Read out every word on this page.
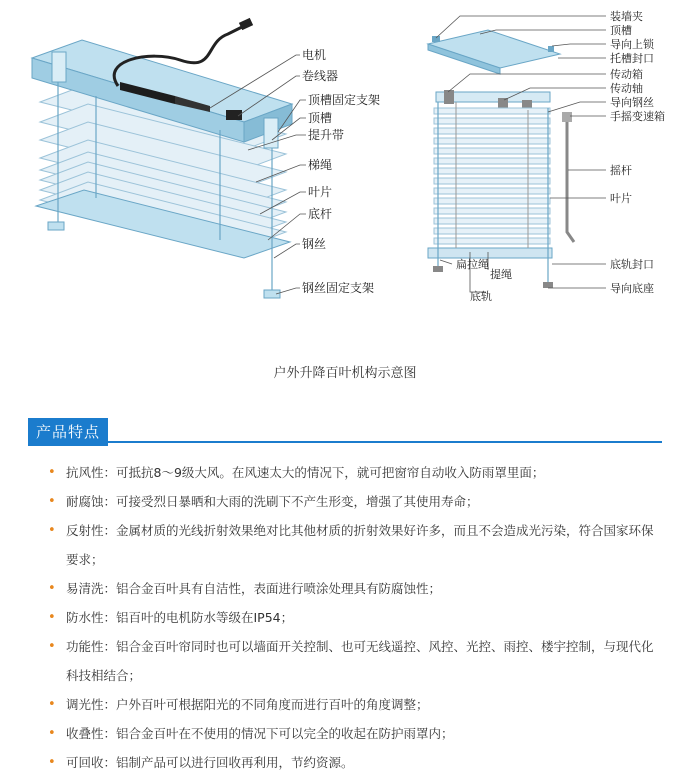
电机
卷线器
顶槽固定支架
顶槽
提升带
梯绳
叶片
底杆
钢丝
钢丝固定支架
装墙夹
顶槽
导向上锁
托槽封口
传动箱
传动轴
导向钢丝
手摇变速箱
摇杆
叶片
底轨封口
导向底座
扁拉绳
提绳
底轨
户外升降百叶机构示意图
产品特点
• 抗风性：可抵抗8～9级大风。在风速太大的情况下，就可把窗帘自动收入防雨罩里面；
• 耐腐蚀：可接受烈日暴晒和大雨的洗刷下不产生形变，增强了其使用寿命；
• 反射性：金属材质的光线折射效果绝对比其他材质的折射效果好许多，而且不会造成光污染，符合国家环保要求；
• 易清洗：铝合金百叶具有自洁性，表面进行喷涂处理具有防腐蚀性；
• 防水性：铝百叶的电机防水等级在IP54；
• 功能性：铝合金百叶帘同时也可以墙面开关控制、也可无线遥控、风控、光控、雨控、楼宇控制，与现代化科技相结合；
• 调光性：户外百叶可根据阳光的不同角度而进行百叶的角度调整；
• 收叠性：铝合金百叶在不使用的情况下可以完全的收起在防护雨罩内；
• 可回收：铝制产品可以进行回收再利用，节约资源。
